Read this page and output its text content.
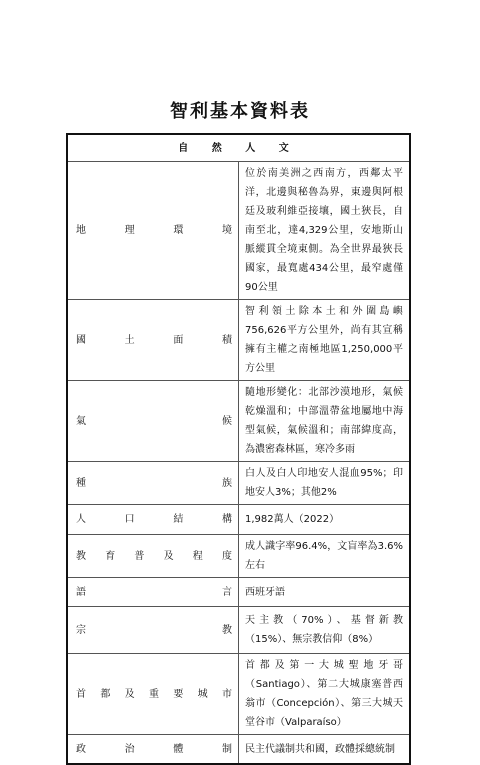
智利基本資料表
自 然 人 文	

地理環境	位於南美洲之西南方，西鄰太平洋，北邊與秘魯為界，東邊與阿根廷及玻利維亞接壤，國土狹長，自南至北，達4,329公里，安地斯山脈縱貫全境東側。為全世界最狹長國家，最寬處434公里，最窄處僅90公里

國土面積	智利領土除本土和外圍島嶼756,626平方公里外，尚有其宣稱擁有主權之南極地區1,250,000平方公里

氣候	隨地形變化：北部沙漠地形，氣候乾燥溫和；中部溫帶盆地屬地中海型氣候，氣候溫和；南部緯度高，為濃密森林區，寒冷多雨

種族	白人及白人印地安人混血95%；印地安人3%；其他2%

人口結構	1,982萬人（2022）

教育普及程度	成人識字率96.4%，文盲率為3.6%左右

語言	西班牙語

宗教	天主教（70%）、基督新教（15%）、無宗教信仰（8%）

首都及重要城市	首都及第一大城聖地牙哥（Santiago）、第二大城康塞普西翁市（Concepción）、第三大城天堂谷市（Valparaíso）

政治體制	民主代議制共和國，政體採總統制
